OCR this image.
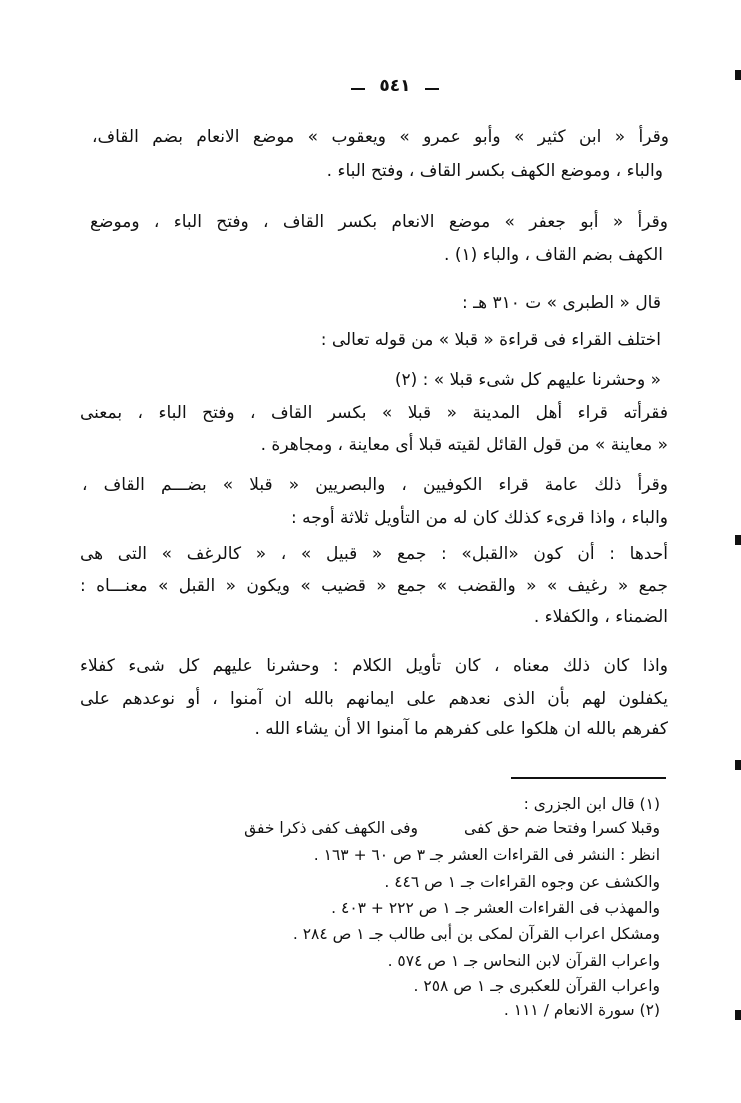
٥٤١
وقرأ « ابن كثير » وأبو عمرو » ويعقوب » موضع الانعام بضم القاف،
والباء ، وموضع الكهف بكسر القاف ، وفتح الباء .
وقرأ « أبو جعفر » موضع الانعام بكسر القاف ، وفتح الباء ، وموضع
الكهف بضم القاف ، والباء (١) .
قال « الطبرى » ت ٣١٠ هـ :
اختلف القراء فى قراءة « قبلا » من قوله تعالى :
« وحشرنا عليهم كل شىء قبلا » : (٢)
فقرأته قراء أهل المدينة « قبلا » بكسر القاف ، وفتح الباء ، بمعنى
« معاينة » من قول القائل لقيته قبلا أى معاينة ، ومجاهرة .
وقرأ ذلك عامة قراء الكوفيين ، والبصريين « قبلا » بضـــم القاف ،
والباء ، واذا قرىء كذلك كان له من التأويل ثلاثة أوجه :
أحدها : أن كون «القبل» : جمع « قبيل » ، « كالرغف » التى هى
جمع « رغيف » « والقضب » جمع « قضيب » ويكون « القبل » معنـــاه :
الضمناء ، والكفلاء .
واذا كان ذلك معناه ، كان تأويل الكلام : وحشرنا عليهم كل شىء كفلاء
يكفلون لهم بأن الذى نعدهم على ايمانهم بالله ان آمنوا ، أو نوعدهم على
كفرهم بالله ان هلكوا على كفرهم ما آمنوا الا أن يشاء الله .
(١) قال ابن الجزرى :
وقبلا كسرا وفتحا ضم حق كفى
وفى الكهف كفى ذكرا خفق
انظر : النشر فى القراءات العشر جـ ٣ ص ٦٠ + ١٦٣ .
والكشف عن وجوه القراءات جـ ١ ص ٤٤٦ .
والمهذب فى القراءات العشر جـ ١ ص ٢٢٢ + ٤٠٣ .
ومشكل اعراب القرآن لمكى بن أبى طالب جـ ١ ص ٢٨٤ .
واعراب القرآن لابن النحاس جـ ١ ص ٥٧٤ .
واعراب القرآن للعكبرى جـ ١ ص ٢٥٨ .
(٢) سورة الانعام / ١١١ .
